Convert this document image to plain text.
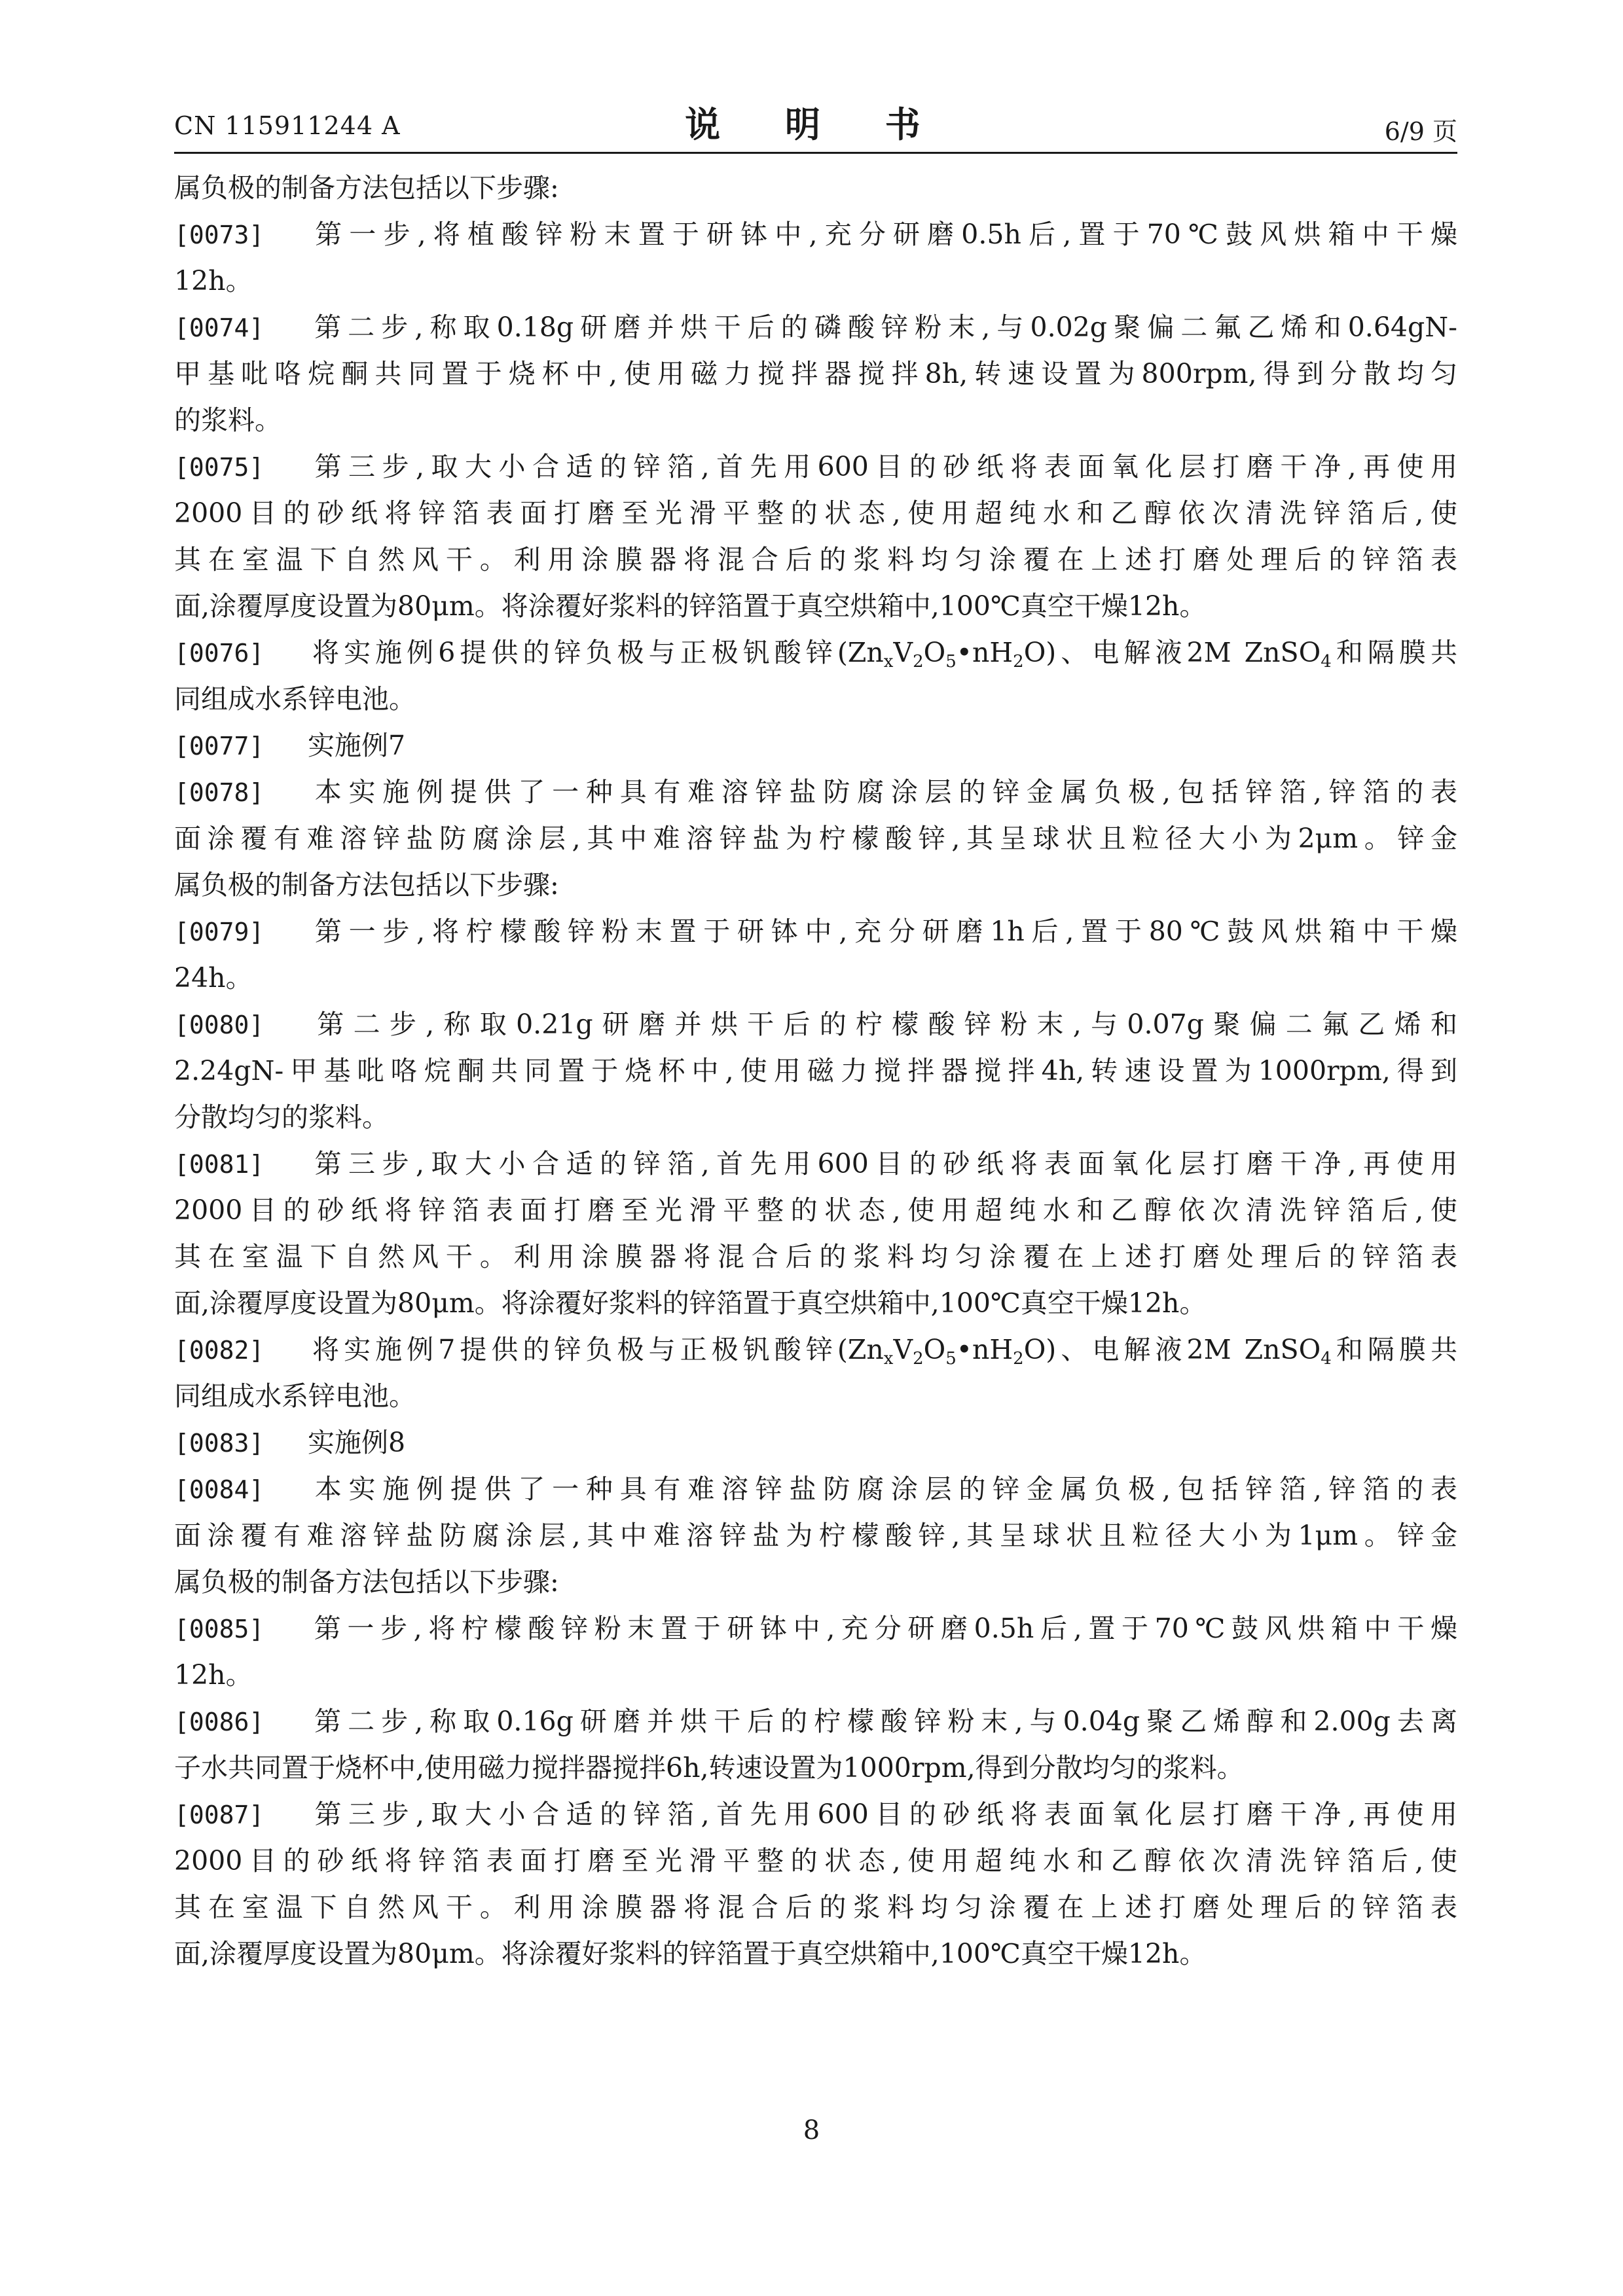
CN 115911244 A	说 明 书	6/9 页
属负极的制备方法包括以下步骤:
[0073] 第一步,将植酸锌粉末置于研钵中,充分研磨0.5h后,置于70℃鼓风烘箱中干燥
12h。
[0074] 第二步,称取0.18g研磨并烘干后的磷酸锌粉末,与0.02g聚偏二氟乙烯和0.64gN-
甲基吡咯烷酮共同置于烧杯中,使用磁力搅拌器搅拌8h,转速设置为800rpm,得到分散均匀
的浆料。
[0075] 第三步,取大小合适的锌箔,首先用600目的砂纸将表面氧化层打磨干净,再使用
2000目的砂纸将锌箔表面打磨至光滑平整的状态,使用超纯水和乙醇依次清洗锌箔后,使
其在室温下自然风干。利用涂膜器将混合后的浆料均匀涂覆在上述打磨处理后的锌箔表
面,涂覆厚度设置为80μm。将涂覆好浆料的锌箔置于真空烘箱中,100℃真空干燥12h。
[0076] 将实施例6提供的锌负极与正极钒酸锌$(Zn_xV_2O_5•nH_2O)$、电解液2M ZnSO$_4$和隔膜共
同组成水系锌电池。
[0077] 实施例7
[0078] 本实施例提供了一种具有难溶锌盐防腐涂层的锌金属负极,包括锌箔,锌箔的表
面涂覆有难溶锌盐防腐涂层,其中难溶锌盐为柠檬酸锌,其呈球状且粒径大小为2μm。锌金
属负极的制备方法包括以下步骤:
[0079] 第一步,将柠檬酸锌粉末置于研钵中,充分研磨1h后,置于80℃鼓风烘箱中干燥
24h。
[0080] 第二步,称取0.21g研磨并烘干后的柠檬酸锌粉末,与0.07g聚偏二氟乙烯和
2.24gN-甲基吡咯烷酮共同置于烧杯中,使用磁力搅拌器搅拌4h,转速设置为1000rpm,得到
分散均匀的浆料。
[0081] 第三步,取大小合适的锌箔,首先用600目的砂纸将表面氧化层打磨干净,再使用
2000目的砂纸将锌箔表面打磨至光滑平整的状态,使用超纯水和乙醇依次清洗锌箔后,使
其在室温下自然风干。利用涂膜器将混合后的浆料均匀涂覆在上述打磨处理后的锌箔表
面,涂覆厚度设置为80μm。将涂覆好浆料的锌箔置于真空烘箱中,100℃真空干燥12h。
[0082] 将实施例7提供的锌负极与正极钒酸锌$(Zn_xV_2O_5•nH_2O)$、电解液2M ZnSO$_4$和隔膜共
同组成水系锌电池。
[0083] 实施例8
[0084] 本实施例提供了一种具有难溶锌盐防腐涂层的锌金属负极,包括锌箔,锌箔的表
面涂覆有难溶锌盐防腐涂层,其中难溶锌盐为柠檬酸锌,其呈球状且粒径大小为1μm。锌金
属负极的制备方法包括以下步骤:
[0085] 第一步,将柠檬酸锌粉末置于研钵中,充分研磨0.5h后,置于70℃鼓风烘箱中干燥
12h。
[0086] 第二步,称取0.16g研磨并烘干后的柠檬酸锌粉末,与0.04g聚乙烯醇和2.00g去离
子水共同置于烧杯中,使用磁力搅拌器搅拌6h,转速设置为1000rpm,得到分散均匀的浆料。
[0087] 第三步,取大小合适的锌箔,首先用600目的砂纸将表面氧化层打磨干净,再使用
2000目的砂纸将锌箔表面打磨至光滑平整的状态,使用超纯水和乙醇依次清洗锌箔后,使
其在室温下自然风干。利用涂膜器将混合后的浆料均匀涂覆在上述打磨处理后的锌箔表
面,涂覆厚度设置为80μm。将涂覆好浆料的锌箔置于真空烘箱中,100℃真空干燥12h。
8
